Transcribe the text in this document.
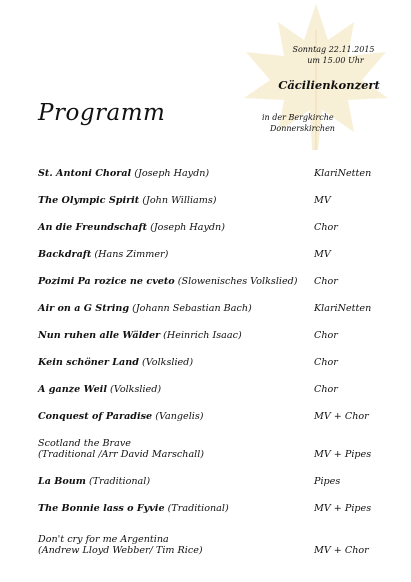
Sonntag 22.11.2015
um 15.00 Uhr
Cäcilienkonzert
in der Bergkirche
Donnerskirchen
Programm
St. Antoni Choral (Joseph Haydn)	KlariNetten
The Olympic Spirit (John Williams)	MV
An die Freundschaft (Joseph Haydn)	Chor
Backdraft (Hans Zimmer)	MV
Pozimi Pa rozice ne cveto (Slowenisches Volkslied)	Chor
Air on a G String (Johann Sebastian Bach)	KlariNetten
Nun ruhen alle Wälder (Heinrich Isaac)	Chor
Kein schöner Land (Volkslied)	Chor
A ganze Weil (Volkslied)	Chor
Conquest of Paradise (Vangelis)	MV + Chor
Scotland the Brave
(Traditional /Arr David Marschall)	MV + Pipes
La Boum (Traditional)	Pipes
The Bonnie lass o Fyvie (Traditional)	MV + Pipes
Don't cry for me Argentina
(Andrew Lloyd Webber/ Tim Rice)	MV + Chor
